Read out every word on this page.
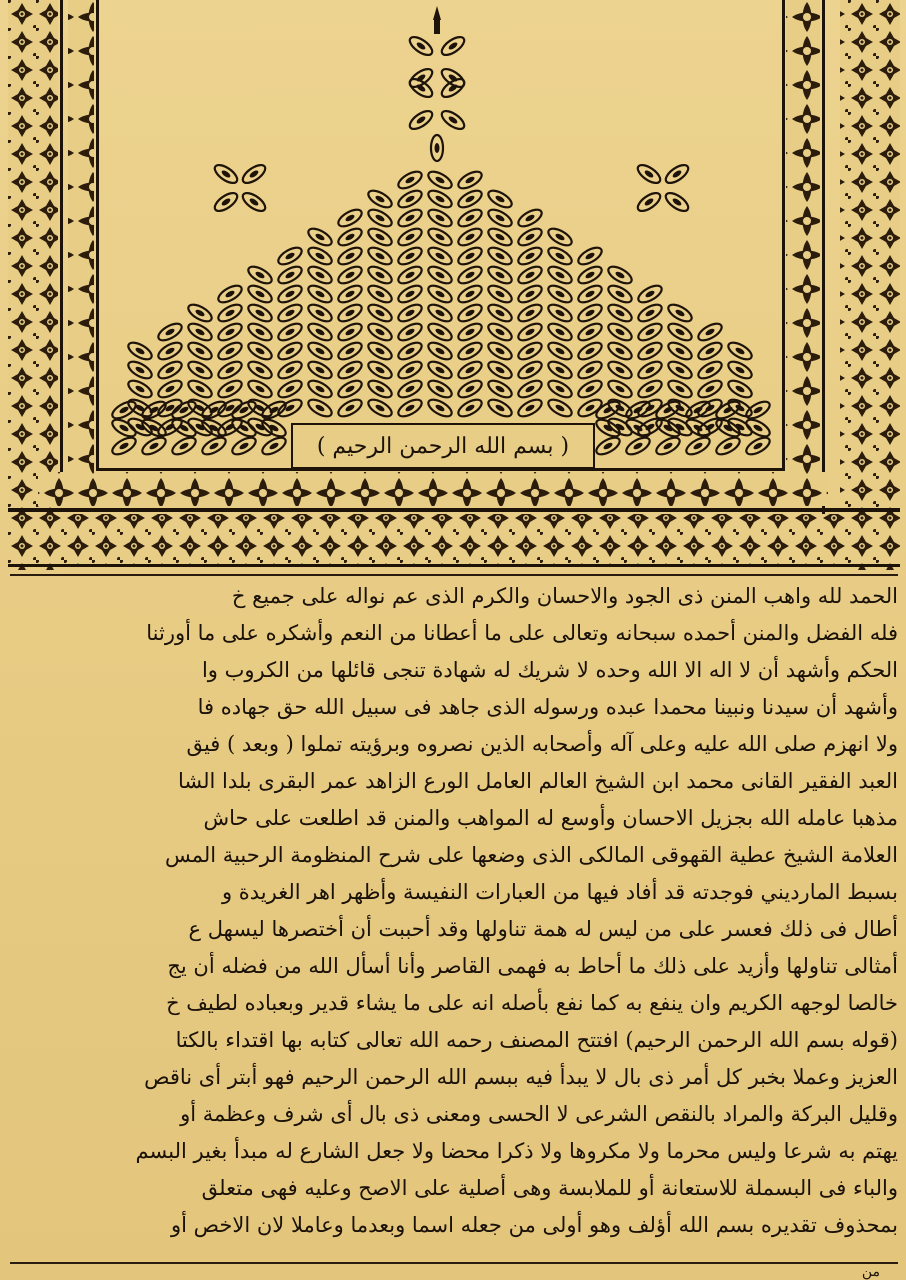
( بسم الله الرحمن الرحيم )
الحمد لله واهب المنن ذى الجود والاحسان والكرم الذى عم نواله على جميع خ
فله الفضل والمنن أحمده سبحانه وتعالى على ما أعطانا من النعم وأشكره على ما أورثنا
الحكم وأشهد أن لا اله الا الله وحده لا شريك له شهادة تنجى قائلها من الكروب وا
وأشهد أن سيدنا ونبينا محمدا عبده ورسوله الذى جاهد فى سبيل الله حق جهاده فا
ولا انهزم صلى الله عليه وعلى آله وأصحابه الذين نصروه وبرؤيته تملوا ( وبعد ) فيق
العبد الفقير القانى محمد ابن الشيخ العالم العامل الورع الزاهد عمر البقرى بلدا الشا
مذهبا عامله الله بجزيل الاحسان وأوسع له المواهب والمنن قد اطلعت على حاش
العلامة الشيخ عطية القهوقى المالكى الذى وضعها على شرح المنظومة الرحبية المس
بسبط المارديني فوجدته قد أفاد فيها من العبارات النفيسة وأظهر اهر الغريدة و
أطال فى ذلك فعسر على من ليس له همة تناولها وقد أحببت أن أختصرها ليسهل ع
أمثالى تناولها وأزيد على ذلك ما أحاط به فهمى القاصر وأنا أسأل الله من فضله أن يج
خالصا لوجهه الكريم وان ينفع به كما نفع بأصله انه على ما يشاء قدير وبعباده لطيف خ
(قوله بسم الله الرحمن الرحيم) افتتح المصنف رحمه الله تعالى كتابه بها اقتداء بالكتا
العزيز وعملا بخبر كل أمر ذى بال لا يبدأ فيه ببسم الله الرحمن الرحيم فهو أبتر أى ناقص
وقليل البركة والمراد بالنقص الشرعى لا الحسى ومعنى ذى بال أى شرف وعظمة أو
يهتم به شرعا وليس محرما ولا مكروها ولا ذكرا محضا ولا جعل الشارع له مبدأ بغير البسم
والباء فى البسملة للاستعانة أو للملابسة وهى أصلية على الاصح وعليه فهى متعلق
بمحذوف تقديره بسم الله أؤلف وهو أولى من جعله اسما وبعدما وعاملا لان الاخص أو
من
